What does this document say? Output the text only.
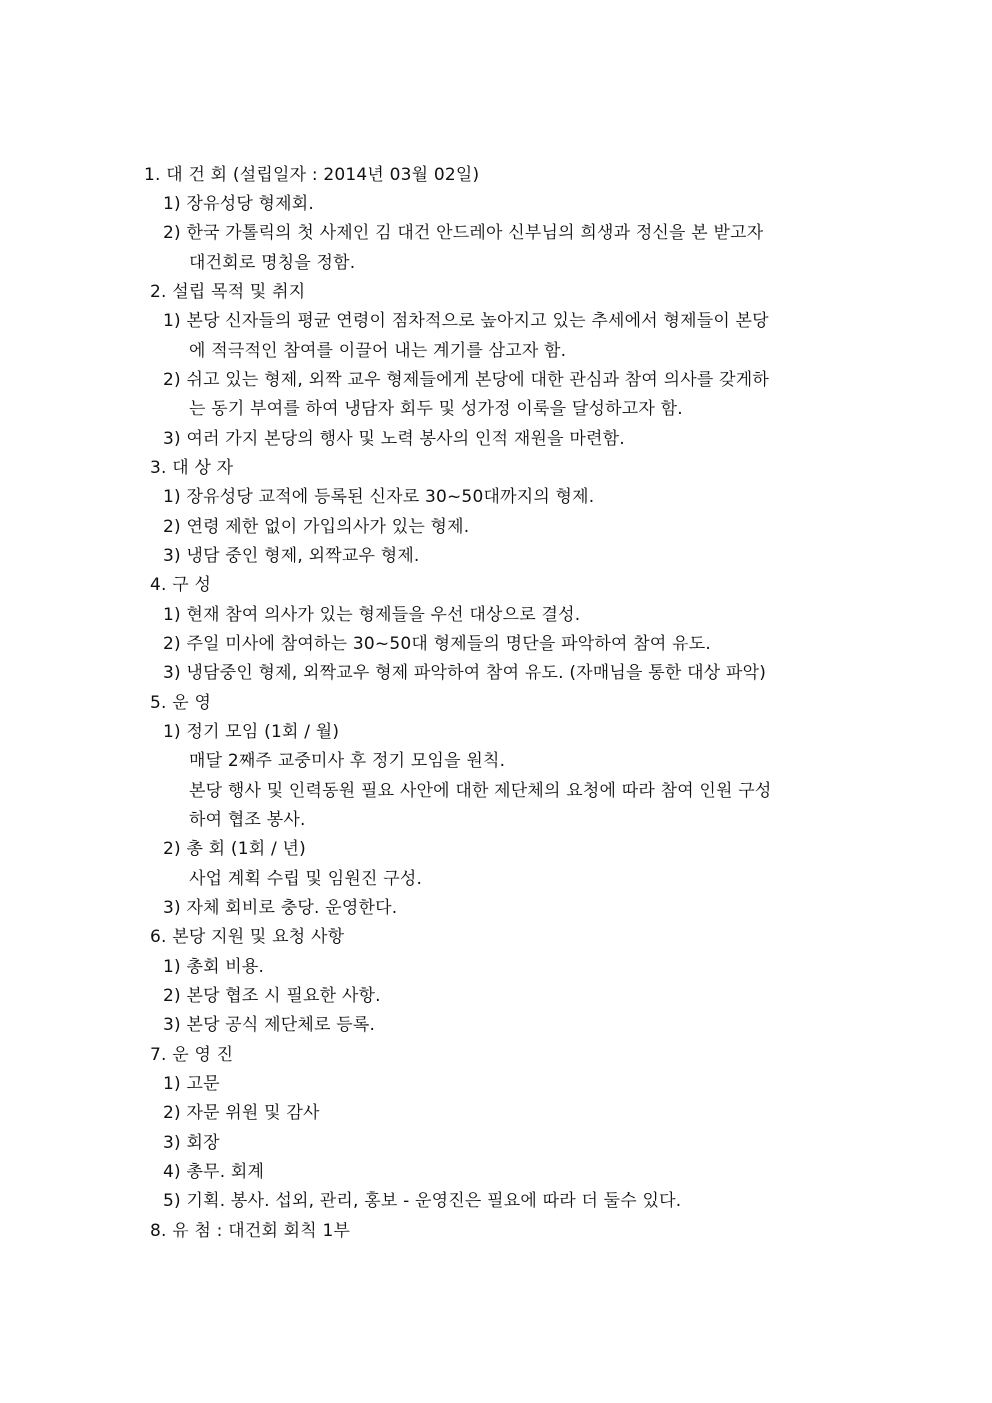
1. 대 건 회 (설립일자 : 2014년 03월 02일)
1) 장유성당 형제회.
2) 한국 가톨릭의 첫 사제인 김 대건 안드레아 신부님의 희생과 정신을 본 받고자
대건회로 명칭을 정함.
2. 설립 목적 및 취지
1) 본당 신자들의 평균 연령이 점차적으로 높아지고 있는 추세에서 형제들이 본당
에 적극적인 참여를 이끌어 내는 계기를 삼고자 함.
2) 쉬고 있는 형제, 외짝 교우 형제들에게 본당에 대한 관심과 참여 의사를 갖게하
는 동기 부여를 하여 냉담자 회두 및 성가정 이룩을 달성하고자 함.
3) 여러 가지 본당의 행사 및 노력 봉사의 인적 재원을 마련함.
3. 대 상 자
1) 장유성당 교적에 등록된 신자로 30~50대까지의 형제.
2) 연령 제한 없이 가입의사가 있는 형제.
3) 냉담 중인 형제, 외짝교우 형제.
4. 구 성
1) 현재 참여 의사가 있는 형제들을 우선 대상으로 결성.
2) 주일 미사에 참여하는 30~50대 형제들의 명단을 파악하여 참여 유도.
3) 냉담중인 형제, 외짝교우 형제 파악하여 참여 유도. (자매님을 통한 대상 파악)
5. 운 영
1) 정기 모임 (1회 / 월)
매달 2째주 교중미사 후 정기 모임을 원칙.
본당 행사 및 인력동원 필요 사안에 대한 제단체의 요청에 따라 참여 인원 구성
하여 협조 봉사.
2) 총 회 (1회 / 년)
사업 계획 수립 및 임원진 구성.
3) 자체 회비로 충당. 운영한다.
6. 본당 지원 및 요청 사항
1) 총회 비용.
2) 본당 협조 시 필요한 사항.
3) 본당 공식 제단체로 등록.
7. 운 영 진
1) 고문
2) 자문 위원 및 감사
3) 회장
4) 총무. 회계
5) 기획. 봉사. 섭외, 관리, 홍보 - 운영진은 필요에 따라 더 둘수 있다.
8. 유 첨 : 대건회 회칙 1부
